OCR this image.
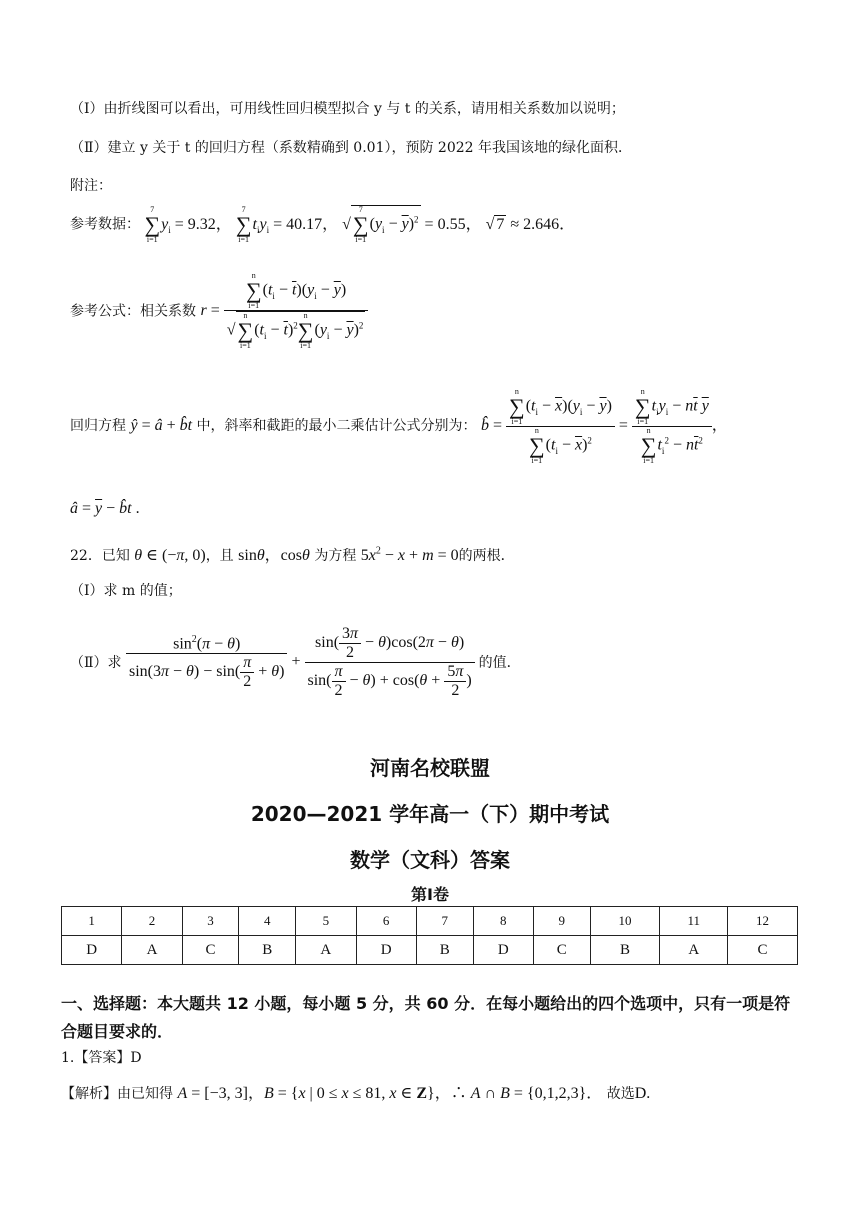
（Ⅰ）由折线图可以看出，可用线性回归模型拟合 y 与 t 的关系，请用相关系数加以说明；
（Ⅱ）建立 y 关于 t 的回归方程（系数精确到 0.01），预防 2022 年我国该地的绿化面积．
附注：
参考数据：
7
∑
i=1
$y_i = 9.32$，
7
∑
i=1
$t_iy_i = 40.17$， √
7
∑
i=1
$(y_i - \overline{y})^2 = 0.55$， √ 7 ≈ 2.646．
参考公式：相关系数 r = n
∑
i=1
$(t_i - \overline{t})(y_i - \overline{y})$
√
n
∑
i=1
$(t_i - \overline{t})^2$
n
∑
i=1
$(y_i - \overline{y})^2$
回归方程 ŷ = â + b̂t 中，斜率和截距的最小二乘估计公式分别为： b̂ = n
∑
i=1
$(t_i - \overline{x})(y_i - \overline{y})$
n
∑
i=1
$(t_i - \overline{x})^2 = n$
∑
i=1
$t_iy_i - n\overline{t}$ $\overline{y}$
n
∑
i=1
$t_i^2 - n\overline{t}^2$ ，
â = $\overline{y}$ − b̂t .
22．已知 θ ∈ (−π, 0)，且 sinθ，cosθ 为方程 $5x^2 - x + m = 0$的两根．
（Ⅰ）求 m 的值；
（Ⅱ）求 $\frac{\sin^2(\pi - \theta)}{\sin(3\pi - \theta) - \sin( \frac{\pi}{2} + \theta)} + \frac{\sin( \frac{3\pi}{2} - \theta)\cos(2\pi - \theta)}{\sin( \frac{\pi}{2} - \theta) + \cos(\theta + \frac{5\pi}{2} )}$ 的值．
河南名校联盟
2020—2021 学年高一（下）期中考试
数学（文科）答案
第Ⅰ卷
1	2	3	4	5	6	7	8	9	10	11	12
D	A	C	B	A	D	B	D	C	B	A	C
一、选择题：本大题共 12 小题，每小题 5 分，共 60 分．在每小题给出的四个选项中，只有一项是符合题目要求的．
1.【答案】D
【解析】由已知得 A = [−3, 3]，B = {x | 0 ≤ x ≤ 81, x ∈ Z}，∴ A ∩ B = {0,1,2,3}． 故选D.
